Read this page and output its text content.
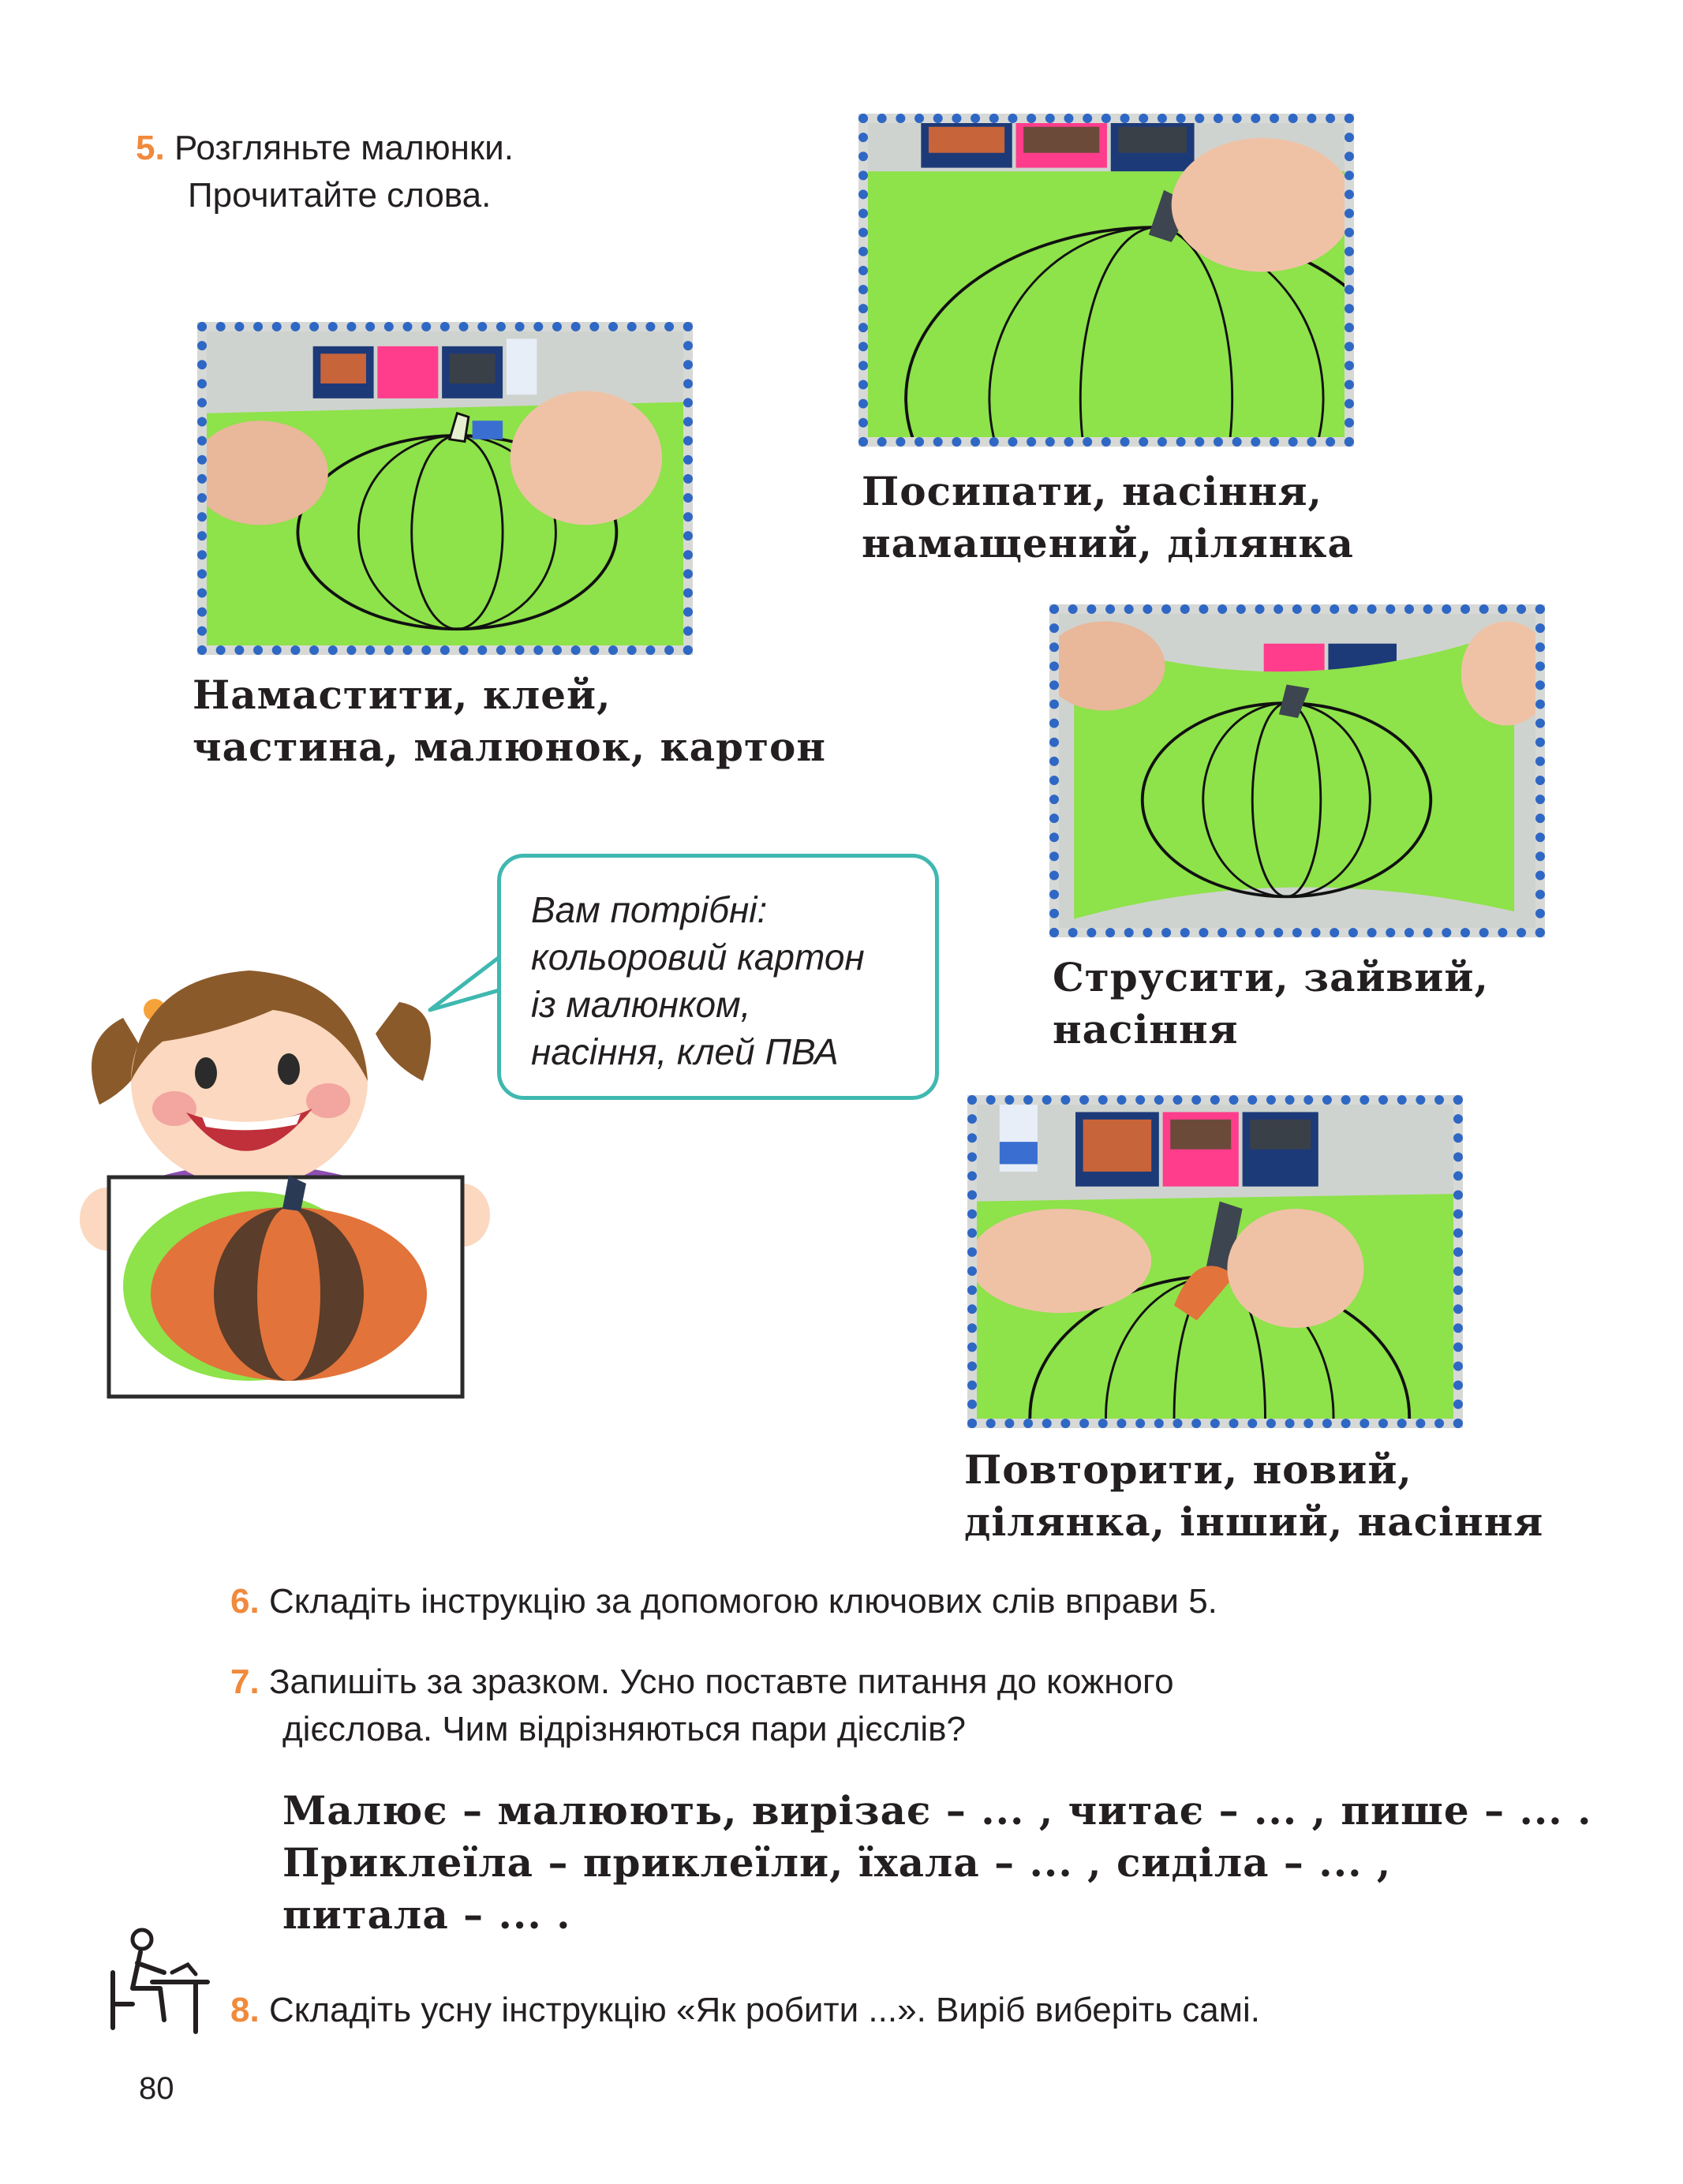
5. Розгляньте малюнки.
Прочитайте слова.
Намастити, клей,
частина, малюнок, картон
Посипати, насіння,
намащений, ділянка
Струсити, зайвий,
насіння
Повторити, новий,
ділянка, інший, насіння
Вам потрібні:
кольоровий картон
із малюнком,
насіння, клей ПВА
6. Складіть інструкцію за допомогою ключових слів вправи 5.
7. Запишіть за зразком. Усно поставте питання до кожного
дієслова. Чим відрізняються пари дієслів?
Малює – малюють, вирізає – ... , читає – ... , пише – ... .
Приклеїла – приклеїли, їхала – ... , сиділа – ... ,
питала – ... .
8. Складіть усну інструкцію «Як робити ...». Виріб виберіть самі.
80
